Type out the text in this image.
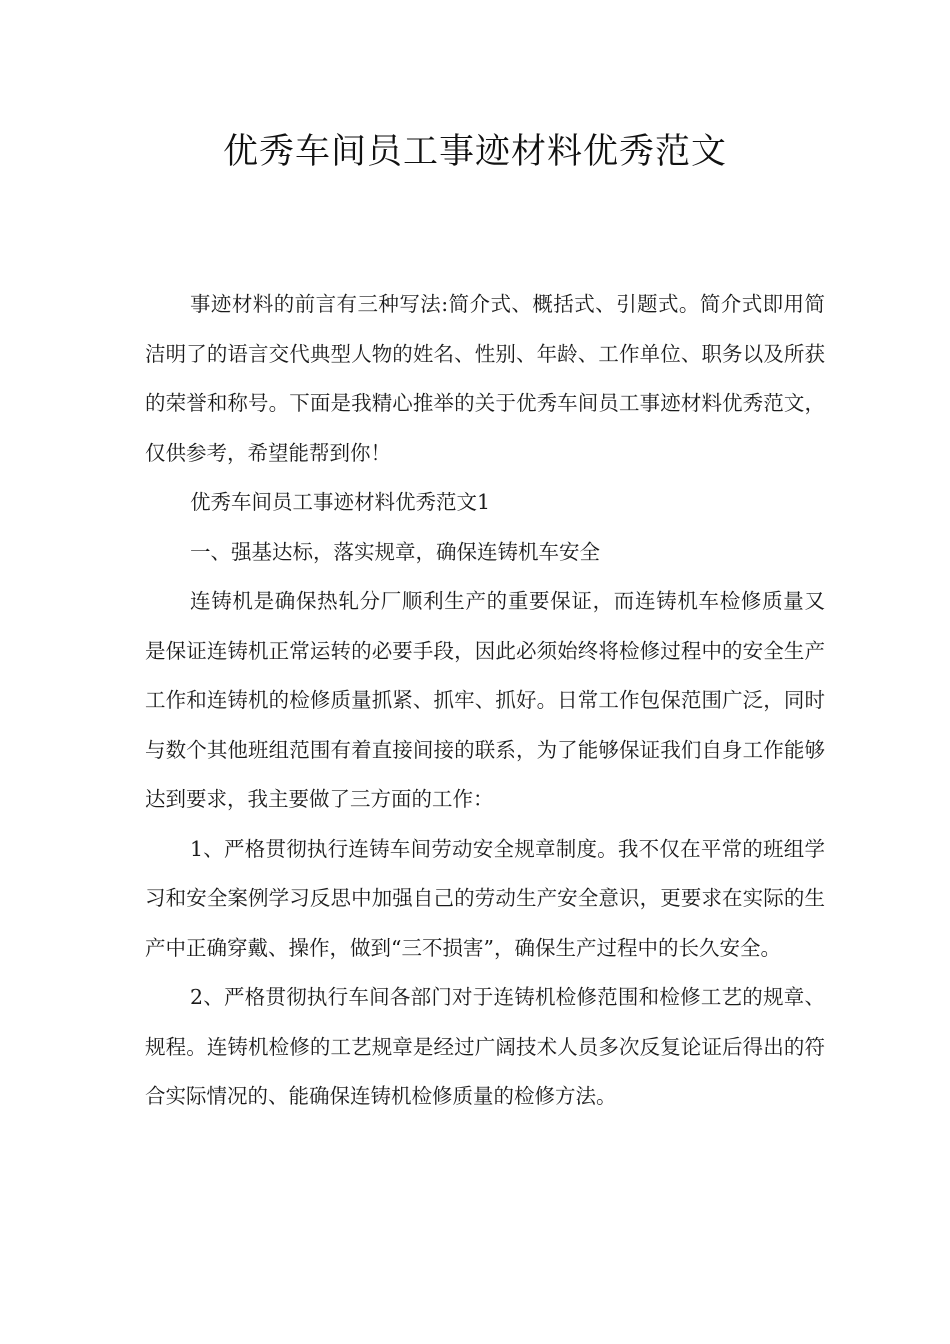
优秀车间员工事迹材料优秀范文

事迹材料的前言有三种写法:简介式、概括式、引题式。简介式即用简洁明了的语言交代典型人物的姓名、性别、年龄、工作单位、职务以及所获的荣誉和称号。下面是我精心推举的关于优秀车间员工事迹材料优秀范文，仅供参考，希望能帮到你！

优秀车间员工事迹材料优秀范文1

一、强基达标，落实规章，确保连铸机车安全

连铸机是确保热轧分厂顺利生产的重要保证，而连铸机车检修质量又是保证连铸机正常运转的必要手段，因此必须始终将检修过程中的安全生产工作和连铸机的检修质量抓紧、抓牢、抓好。日常工作包保范围广泛，同时与数个其他班组范围有着直接间接的联系，为了能够保证我们自身工作能够达到要求，我主要做了三方面的工作：

1、严格贯彻执行连铸车间劳动安全规章制度。我不仅在平常的班组学习和安全案例学习反思中加强自己的劳动生产安全意识，更要求在实际的生产中正确穿戴、操作，做到“三不损害”，确保生产过程中的长久安全。

2、严格贯彻执行车间各部门对于连铸机检修范围和检修工艺的规章、规程。连铸机检修的工艺规章是经过广阔技术人员多次反复论证后得出的符合实际情况的、能确保连铸机检修质量的检修方法。
